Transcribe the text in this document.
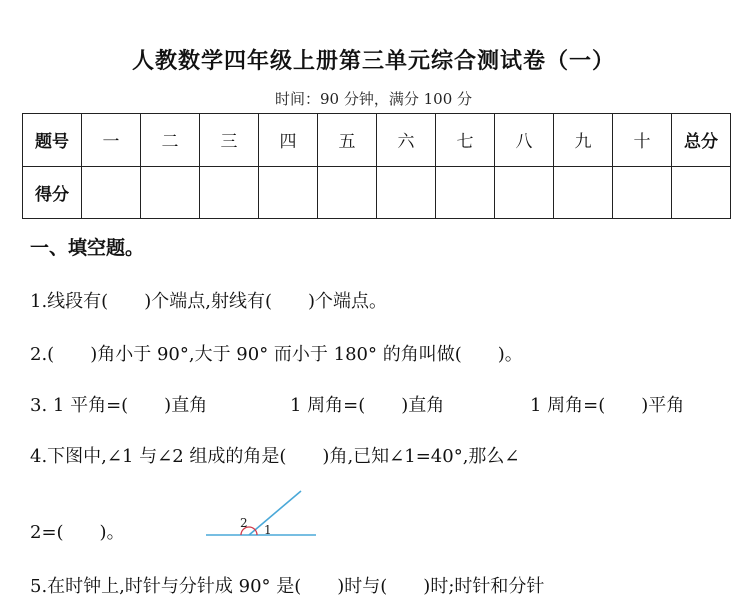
人教数学四年级上册第三单元综合测试卷（一）
时间：90 分钟，满分 100 分
题号	一	二	三	四	五	六	七	八	九	十	总分
得分											
一、填空题。
1.线段有(　　)个端点,射线有(　　)个端点。
2.(　　)角小于 90°,大于 90° 而小于 180° 的角叫做(　　)。
3. 1 平角=(　　)直角	1 周角=(　　)直角	1 周角=(　　)平角
4.下图中,∠1 与∠2 组成的角是(　　)角,已知∠1=40°,那么∠
2=(　　)。	2 1
5.在时钟上,时针与分针成 90° 是(　　)时与(　　)时;时针和分针
